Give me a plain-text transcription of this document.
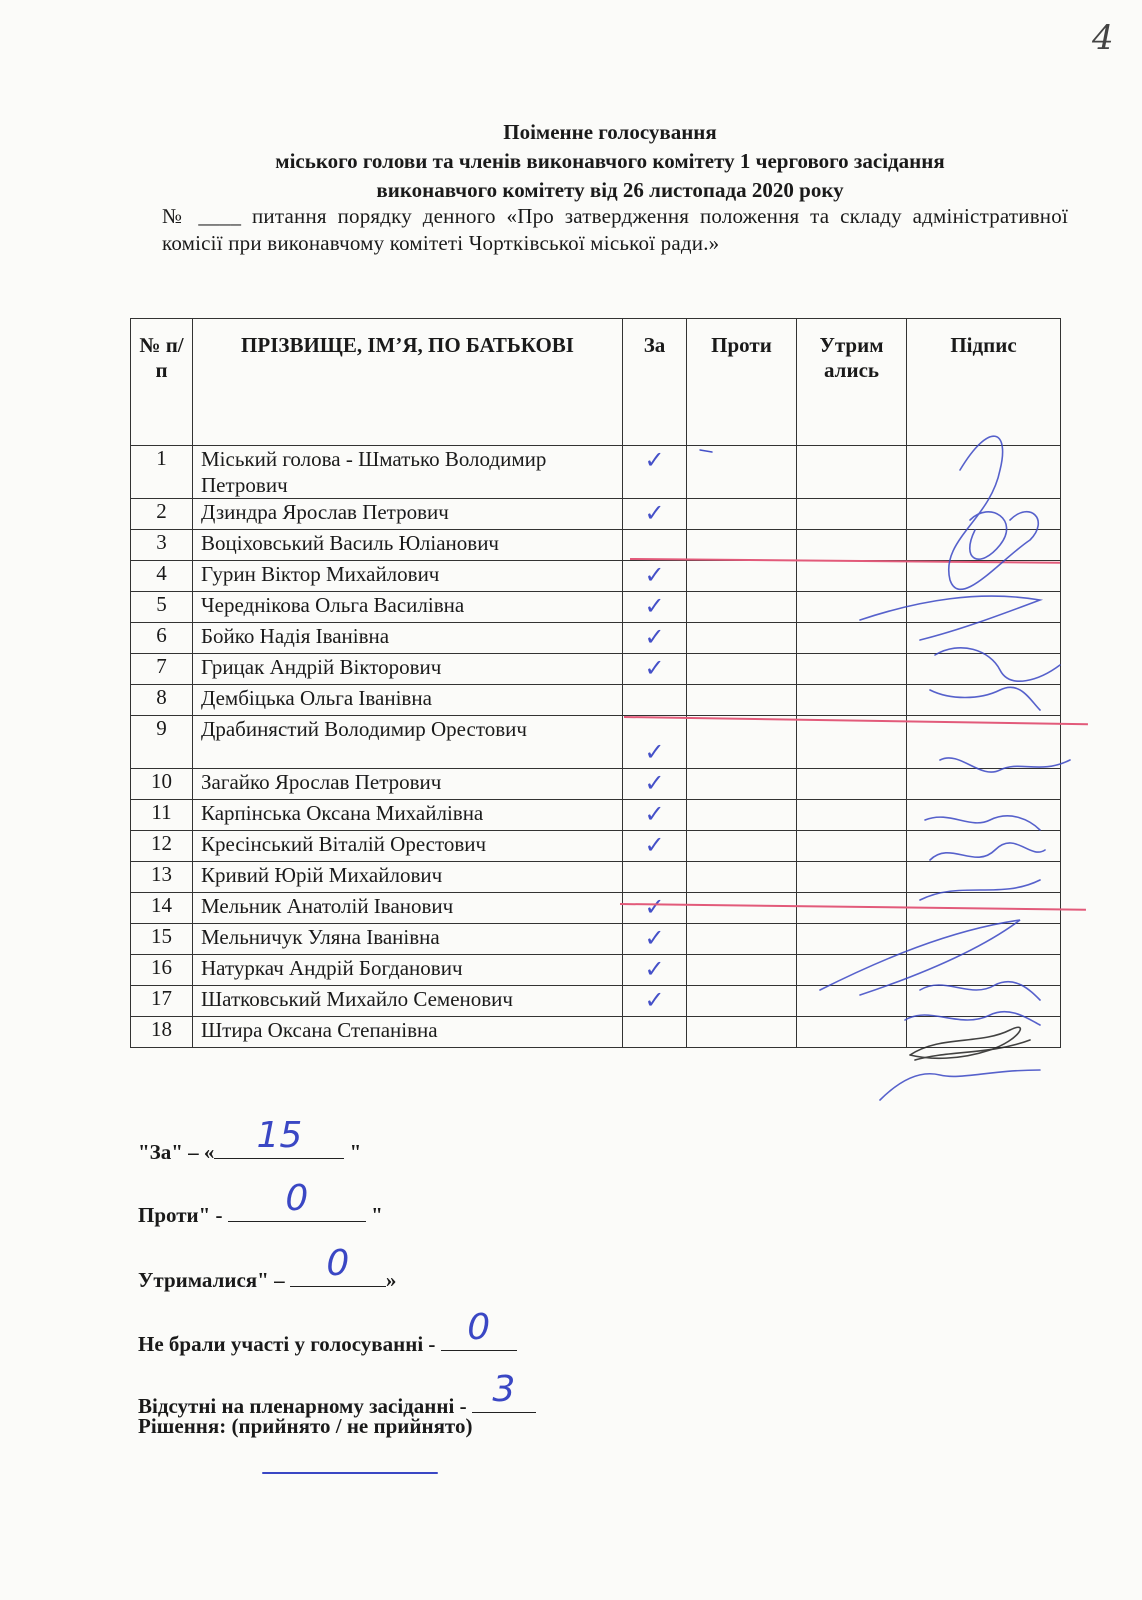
4
Поіменне голосування
міського голови та членів виконавчого комітету 1 чергового засідання
виконавчого комітету від 26 листопада 2020 року
№ ____ питання порядку денного «Про затвердження положення та складу адміністративної комісії при виконавчому комітеті Чортківської міської ради.»
№ п/п	ПРІЗВИЩЕ, ІМ’Я, ПО БАТЬКОВІ	За	Проти	Утрим ались	Підпис
1	Міський голова - Шматько Володимир Петрович	✓			

2	Дзиндра Ярослав Петрович	✓			

3	Воціховський Василь Юліанович	

4	Гурин Віктор Михайлович	✓			

5	Череднікова Ольга Василівна	✓			

6	Бойко Надія Іванівна	✓			

7	Грицак Андрій Вікторович	✓			

8	Дембіцька Ольга Іванівна	

9	Драбинястий Володимир Орестович	✓			

10	Загайко Ярослав Петрович	✓			

11	Карпінська Оксана Михайлівна	✓			

12	Кресінський Віталій Орестович	✓			

13	Кривий Юрій Михайлович	

14	Мельник Анатолій Іванович	✓			

15	Мельничук Уляна Іванівна	✓			

16	Натуркач Андрій Богданович	✓			

17	Шатковський Михайло Семенович	✓			

18	Штира Оксана Степанівна	

"За" – «	15	"
Проти" -	0	"
Утрималися" –	0	»
Не брали участі у голосуванні - 0
Відсутні на пленарному засіданні - 3
Рішення: (прийнято / не прийнято)
